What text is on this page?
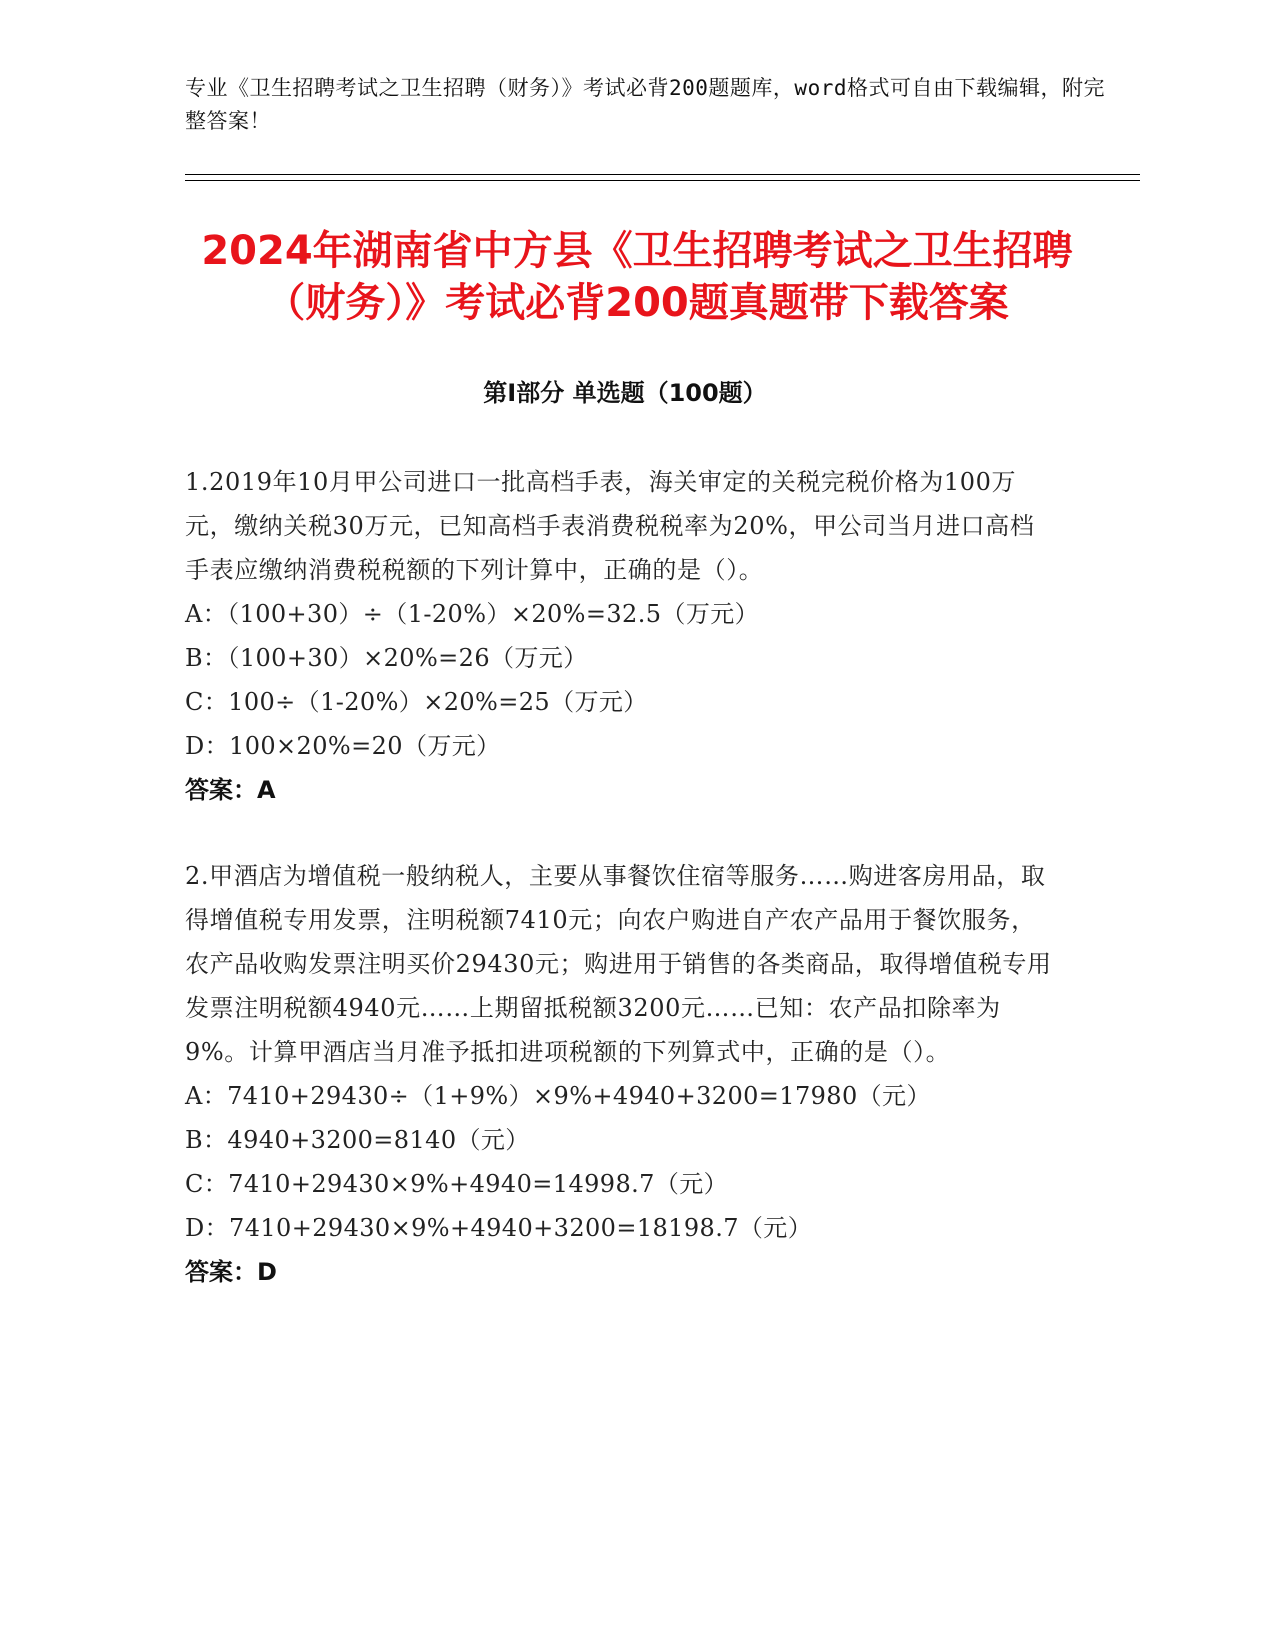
专业《卫生招聘考试之卫生招聘（财务）》考试必背200题题库，word格式可自由下载编辑，附完整答案！
2024年湖南省中方县《卫生招聘考试之卫生招聘（财务）》考试必背200题真题带下载答案
第I部分 单选题（100题）
1.2019年10月甲公司进口一批高档手表，海关审定的关税完税价格为100万元，缴纳关税30万元，已知高档手表消费税税率为20%，甲公司当月进口高档手表应缴纳消费税税额的下列计算中，正确的是（）。
A：（100+30）÷（1-20%）×20%=32.5（万元）
B：（100+30）×20%=26（万元）
C：100÷（1-20%）×20%=25（万元）
D：100×20%=20（万元）
答案：A
2.甲酒店为增值税一般纳税人，主要从事餐饮住宿等服务……购进客房用品，取得增值税专用发票，注明税额7410元；向农户购进自产农产品用于餐饮服务，农产品收购发票注明买价29430元；购进用于销售的各类商品，取得增值税专用发票注明税额4940元……上期留抵税额3200元……已知：农产品扣除率为9%。计算甲酒店当月准予抵扣进项税额的下列算式中，正确的是（）。
A：7410+29430÷（1+9%）×9%+4940+3200=17980（元）
B：4940+3200=8140（元）
C：7410+29430×9%+4940=14998.7（元）
D：7410+29430×9%+4940+3200=18198.7（元）
答案：D
